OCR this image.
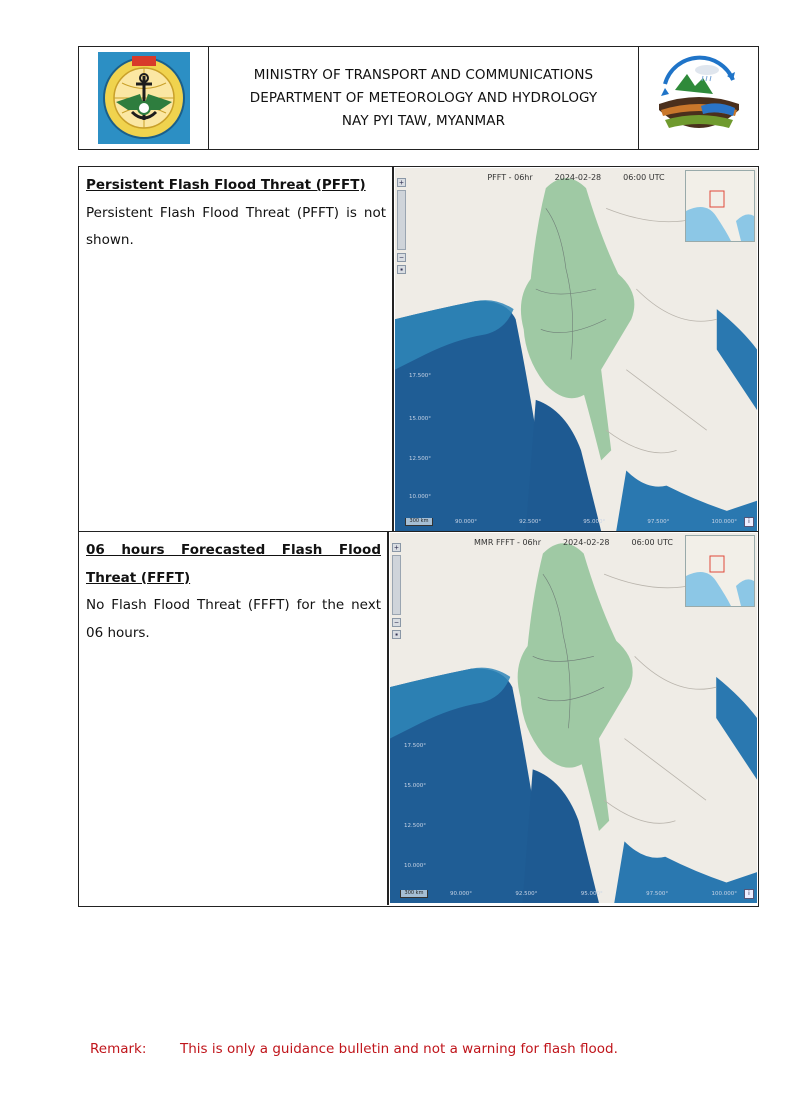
MINISTRY OF TRANSPORT AND COMMUNICATIONS
DEPARTMENT OF METEOROLOGY AND HYDROLOGY
NAY PYI TAW, MYANMAR
Persistent Flash Flood Threat (PFFT)
Persistent Flash Flood Threat (PFFT) is not shown.
PFFT - 06hr	2024-02-28	06:00 UTC
+
−
▪
17.500°
15.000°
12.500°
10.000°
90.000°	92.500°	95.000°	97.500°	100.000°
300 km	i
06 hours Forecasted Flash Flood Threat (FFFT)
No Flash Flood Threat (FFFT) for the next 06 hours.
MMR FFFT - 06hr	2024-02-28	06:00 UTC
+
−
▪
17.500°
15.000°
12.500°
10.000°
90.000°	92.500°	95.000°	97.500°	100.000°
300 km	i
Remark:	This is only a guidance bulletin and not a warning for flash flood.
